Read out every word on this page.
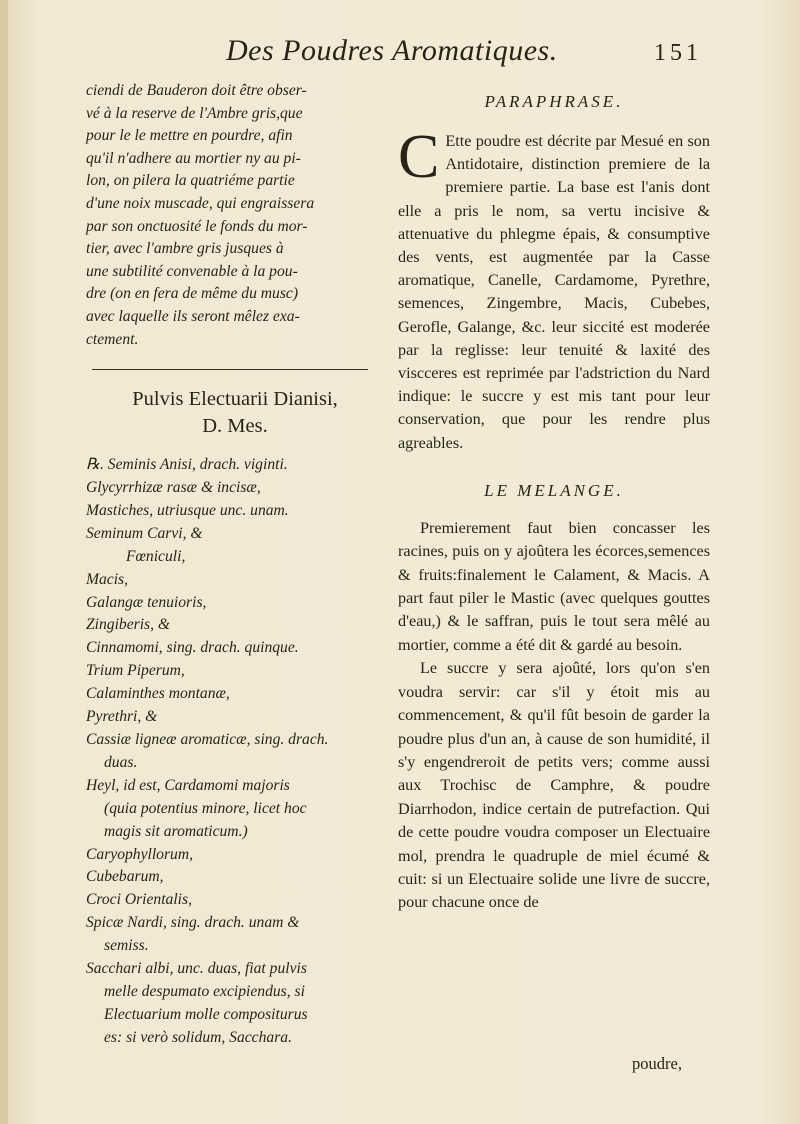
Des Poudres Aromatiques.	151

ciendi de Bauderon doit être obser-

vé à la reserve de l'Ambre gris,que

pour le le mettre en pourdre, afin

qu'il n'adhere au mortier ny au pi-

lon, on pilera la quatriéme partie

d'une noix muscade, qui engraissera

par son onctuosité le fonds du mor-

tier, avec l'ambre gris jusques à

une subtilité convenable à la pou-

dre (on en fera de même du musc)

avec laquelle ils seront mêlez exa-

ctement.

Pulvis Electuarii Dianisi,
D. Mes.
℞. Seminis Anisi, drach. viginti.
Glycyrrhizæ rasæ & incisæ,
Mastiches, utriusque unc. unam.
Seminum Carvi, &
Fœniculi,
Macis,
Galangæ tenuioris,
Zingiberis, &
Cinnamomi, sing. drach. quinque.
Trium Piperum,
Calaminthes montanæ,
Pyrethri, &
Cassiæ ligneæ aromaticæ, sing. drach.
duas.
Heyl, id est, Cardamomi majoris
(quia potentius minore, licet hoc
magis sit aromaticum.)
Caryophyllorum,
Cubebarum,
Croci Orientalis,
Spicæ Nardi, sing. drach. unam &
semiss.
Sacchari albi, unc. duas, fiat pulvis
melle despumato excipiendus, si
Electuarium molle compositurus
es: si verò solidum, Sacchara.
PARAPHRASE.

C Ette poudre est décrite par Mesué en son Antidotaire, distinction premiere de la premiere partie. La base est l'anis dont elle a pris le nom, sa vertu incisive & attenuative du phlegme épais, & consumptive des vents, est augmentée par la Casse aromatique, Canelle, Cardamome, Pyrethre, semences, Zingembre, Macis, Cubebes, Gerofle, Galange, &c. leur siccité est moderée par la reglisse: leur tenuité & laxité des viscceres est reprimée par l'adstriction du Nard indique: le succre y est mis tant pour leur conservation, que pour les rendre plus agreables.

LE MELANGE.

Premierement faut bien concasser les racines, puis on y ajoûtera les écorces,semences & fruits:finalement le Calament, & Macis. A part faut piler le Mastic (avec quelques gouttes d'eau,) & le saffran, puis le tout sera mêlé au mortier, comme a été dit & gardé au besoin.

Le succre y sera ajoûté, lors qu'on s'en voudra servir: car s'il y étoit mis au commencement, & qu'il fût besoin de garder la poudre plus d'un an, à cause de son humidité, il s'y engendreroit de petits vers; comme aussi aux Trochisc de Camphre, & poudre Diarrhodon, indice certain de putrefaction. Qui de cette poudre voudra composer un Electuaire mol, prendra le quadruple de miel écumé & cuit: si un Electuaire solide une livre de succre, pour chacune once de

poudre,
